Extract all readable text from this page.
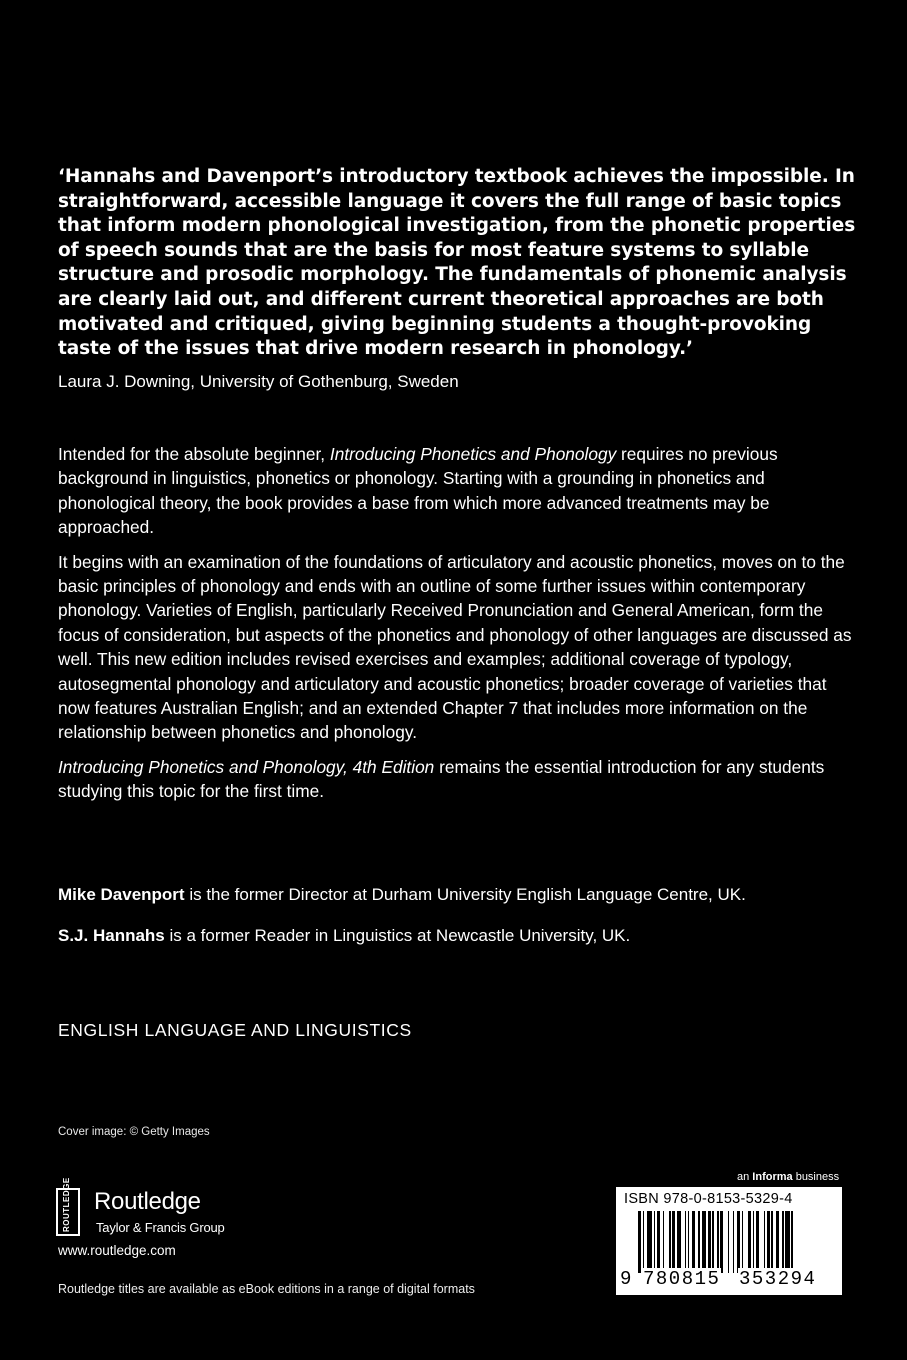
‘Hannahs and Davenport’s introductory textbook achieves the impossible. In straightforward, accessible language it covers the full range of basic topics that inform modern phonological investigation, from the phonetic properties of speech sounds that are the basis for most feature systems to syllable structure and prosodic morphology. The fundamentals of phonemic analysis are clearly laid out, and different current theoretical approaches are both motivated and critiqued, giving beginning students a thought-provoking taste of the issues that drive modern research in phonology.’

Laura J. Downing, University of Gothenburg, Sweden

Intended for the absolute beginner, Introducing Phonetics and Phonology requires no previous background in linguistics, phonetics or phonology. Starting with a grounding in phonetics and phonological theory, the book provides a base from which more advanced treatments may be approached.

It begins with an examination of the foundations of articulatory and acoustic phonetics, moves on to the basic principles of phonology and ends with an outline of some further issues within contemporary phonology. Varieties of English, particularly Received Pronunciation and General American, form the focus of consideration, but aspects of the phonetics and phonology of other languages are discussed as well. This new edition includes revised exercises and examples; additional coverage of typology, autosegmental phonology and articulatory and acoustic phonetics; broader coverage of varieties that now features Australian English; and an extended Chapter 7 that includes more information on the relationship between phonetics and phonology.

Introducing Phonetics and Phonology, 4th Edition remains the essential introduction for any students studying this topic for the first time.

Mike Davenport is the former Director at Durham University English Language Centre, UK.

S.J. Hannahs is a former Reader in Linguistics at Newcastle University, UK.

ENGLISH LANGUAGE AND LINGUISTICS

Cover image: © Getty Images

ROUTLEDGE Routledge
Taylor & Francis Group

www.routledge.com

Routledge titles are available as eBook editions in a range of digital formats

an Informa business

ISBN 978-0-8153-5329-4
9 780815 353294
